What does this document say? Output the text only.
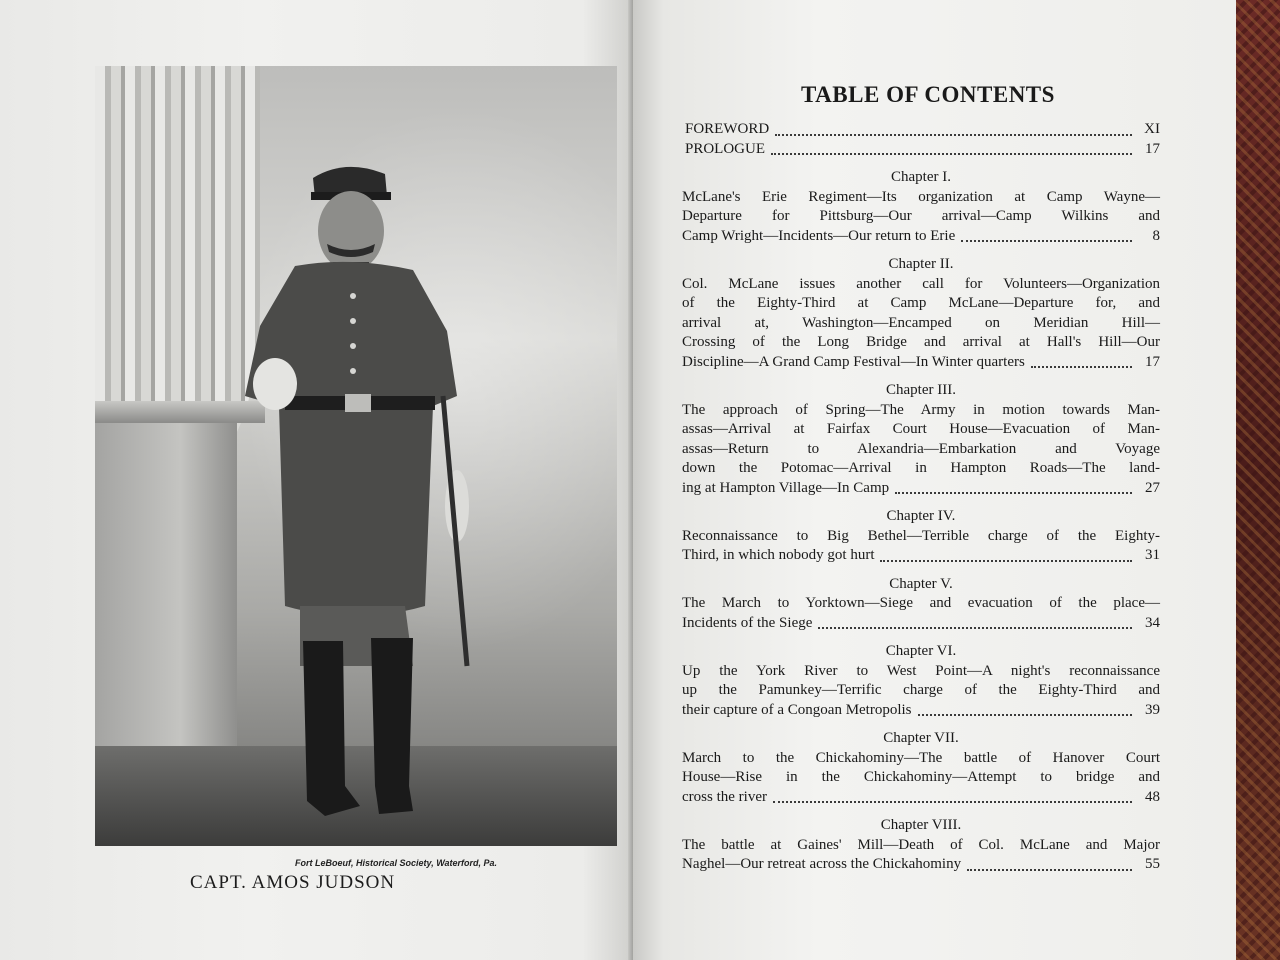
Fort LeBoeuf, Historical Society, Waterford, Pa.
CAPT. AMOS JUDSON
TABLE OF CONTENTS
FOREWORD	XI
PROLOGUE	17
Chapter I.
McLane's Erie Regiment—Its organization at Camp Wayne—
Departure for Pittsburg—Our arrival—Camp Wilkins and
Camp Wright—Incidents—Our return to Erie	8
Chapter II.
Col. McLane issues another call for Volunteers—Organization
of the Eighty-Third at Camp McLane—Departure for, and
arrival at, Washington—Encamped on Meridian Hill—
Crossing of the Long Bridge and arrival at Hall's Hill—Our
Discipline—A Grand Camp Festival—In Winter quarters	17
Chapter III.
The approach of Spring—The Army in motion towards Man-
assas—Arrival at Fairfax Court House—Evacuation of Man-
assas—Return to Alexandria—Embarkation and Voyage
down the Potomac—Arrival in Hampton Roads—The land-
ing at Hampton Village—In Camp	27
Chapter IV.
Reconnaissance to Big Bethel—Terrible charge of the Eighty-
Third, in which nobody got hurt	31
Chapter V.
The March to Yorktown—Siege and evacuation of the place—
Incidents of the Siege	34
Chapter VI.
Up the York River to West Point—A night's reconnaissance
up the Pamunkey—Terrific charge of the Eighty-Third and
their capture of a Congoan Metropolis	39
Chapter VII.
March to the Chickahominy—The battle of Hanover Court
House—Rise in the Chickahominy—Attempt to bridge and
cross the river	48
Chapter VIII.
The battle at Gaines' Mill—Death of Col. McLane and Major
Naghel—Our retreat across the Chickahominy	55
